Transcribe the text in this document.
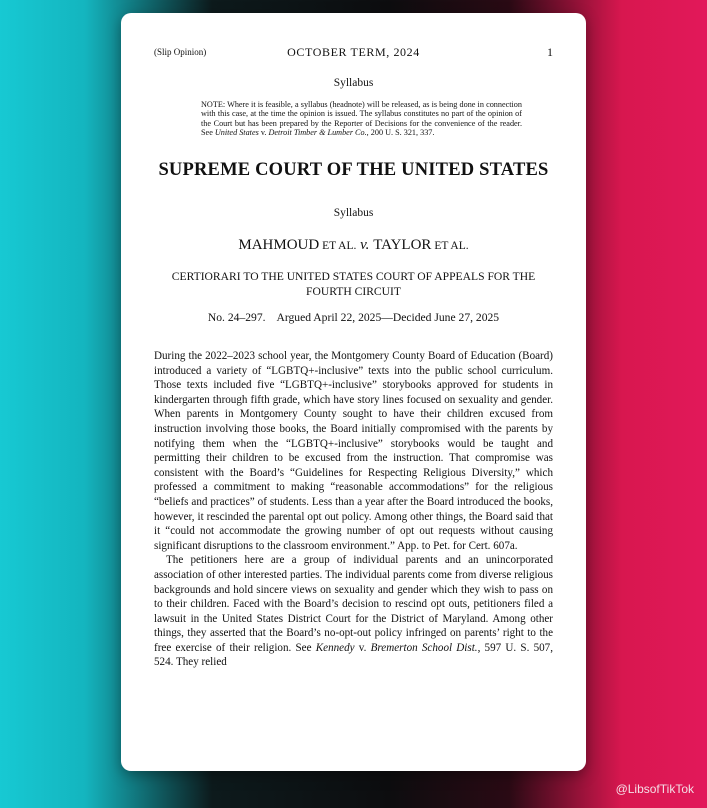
(Slip Opinion)	OCTOBER TERM, 2024	1
Syllabus
NOTE: Where it is feasible, a syllabus (headnote) will be released, as is being done in connection with this case, at the time the opinion is issued. The syllabus constitutes no part of the opinion of the Court but has been prepared by the Reporter of Decisions for the convenience of the reader. See United States v. Detroit Timber & Lumber Co., 200 U. S. 321, 337.
SUPREME COURT OF THE UNITED STATES
Syllabus
MAHMOUD ET AL. v. TAYLOR ET AL.
CERTIORARI TO THE UNITED STATES COURT OF APPEALS FOR THE FOURTH CIRCUIT
No. 24–297.    Argued April 22, 2025—Decided June 27, 2025

During the 2022–2023 school year, the Montgomery County Board of Education (Board) introduced a variety of “LGBTQ+-inclusive” texts into the public school curriculum. Those texts included five “LGBTQ+-inclusive” storybooks approved for students in kindergarten through fifth grade, which have story lines focused on sexuality and gender. When parents in Montgomery County sought to have their children excused from instruction involving those books, the Board initially compromised with the parents by notifying them when the “LGBTQ+-inclusive” storybooks would be taught and permitting their children to be excused from the instruction. That compromise was consistent with the Board’s “Guidelines for Respecting Religious Diversity,” which professed a commitment to making “reasonable accommodations” for the religious “beliefs and practices” of students. Less than a year after the Board introduced the books, however, it rescinded the parental opt out policy. Among other things, the Board said that it “could not accommodate the growing number of opt out requests without causing significant disruptions to the classroom environment.” App. to Pet. for Cert. 607a.

The petitioners here are a group of individual parents and an unincorporated association of other interested parties. The individual parents come from diverse religious backgrounds and hold sincere views on sexuality and gender which they wish to pass on to their children. Faced with the Board’s decision to rescind opt outs, petitioners filed a lawsuit in the United States District Court for the District of Maryland. Among other things, they asserted that the Board’s no-opt-out policy infringed on parents’ right to the free exercise of their religion. See Kennedy v. Bremerton School Dist., 597 U. S. 507, 524. They relied

@LibsofTikTok
